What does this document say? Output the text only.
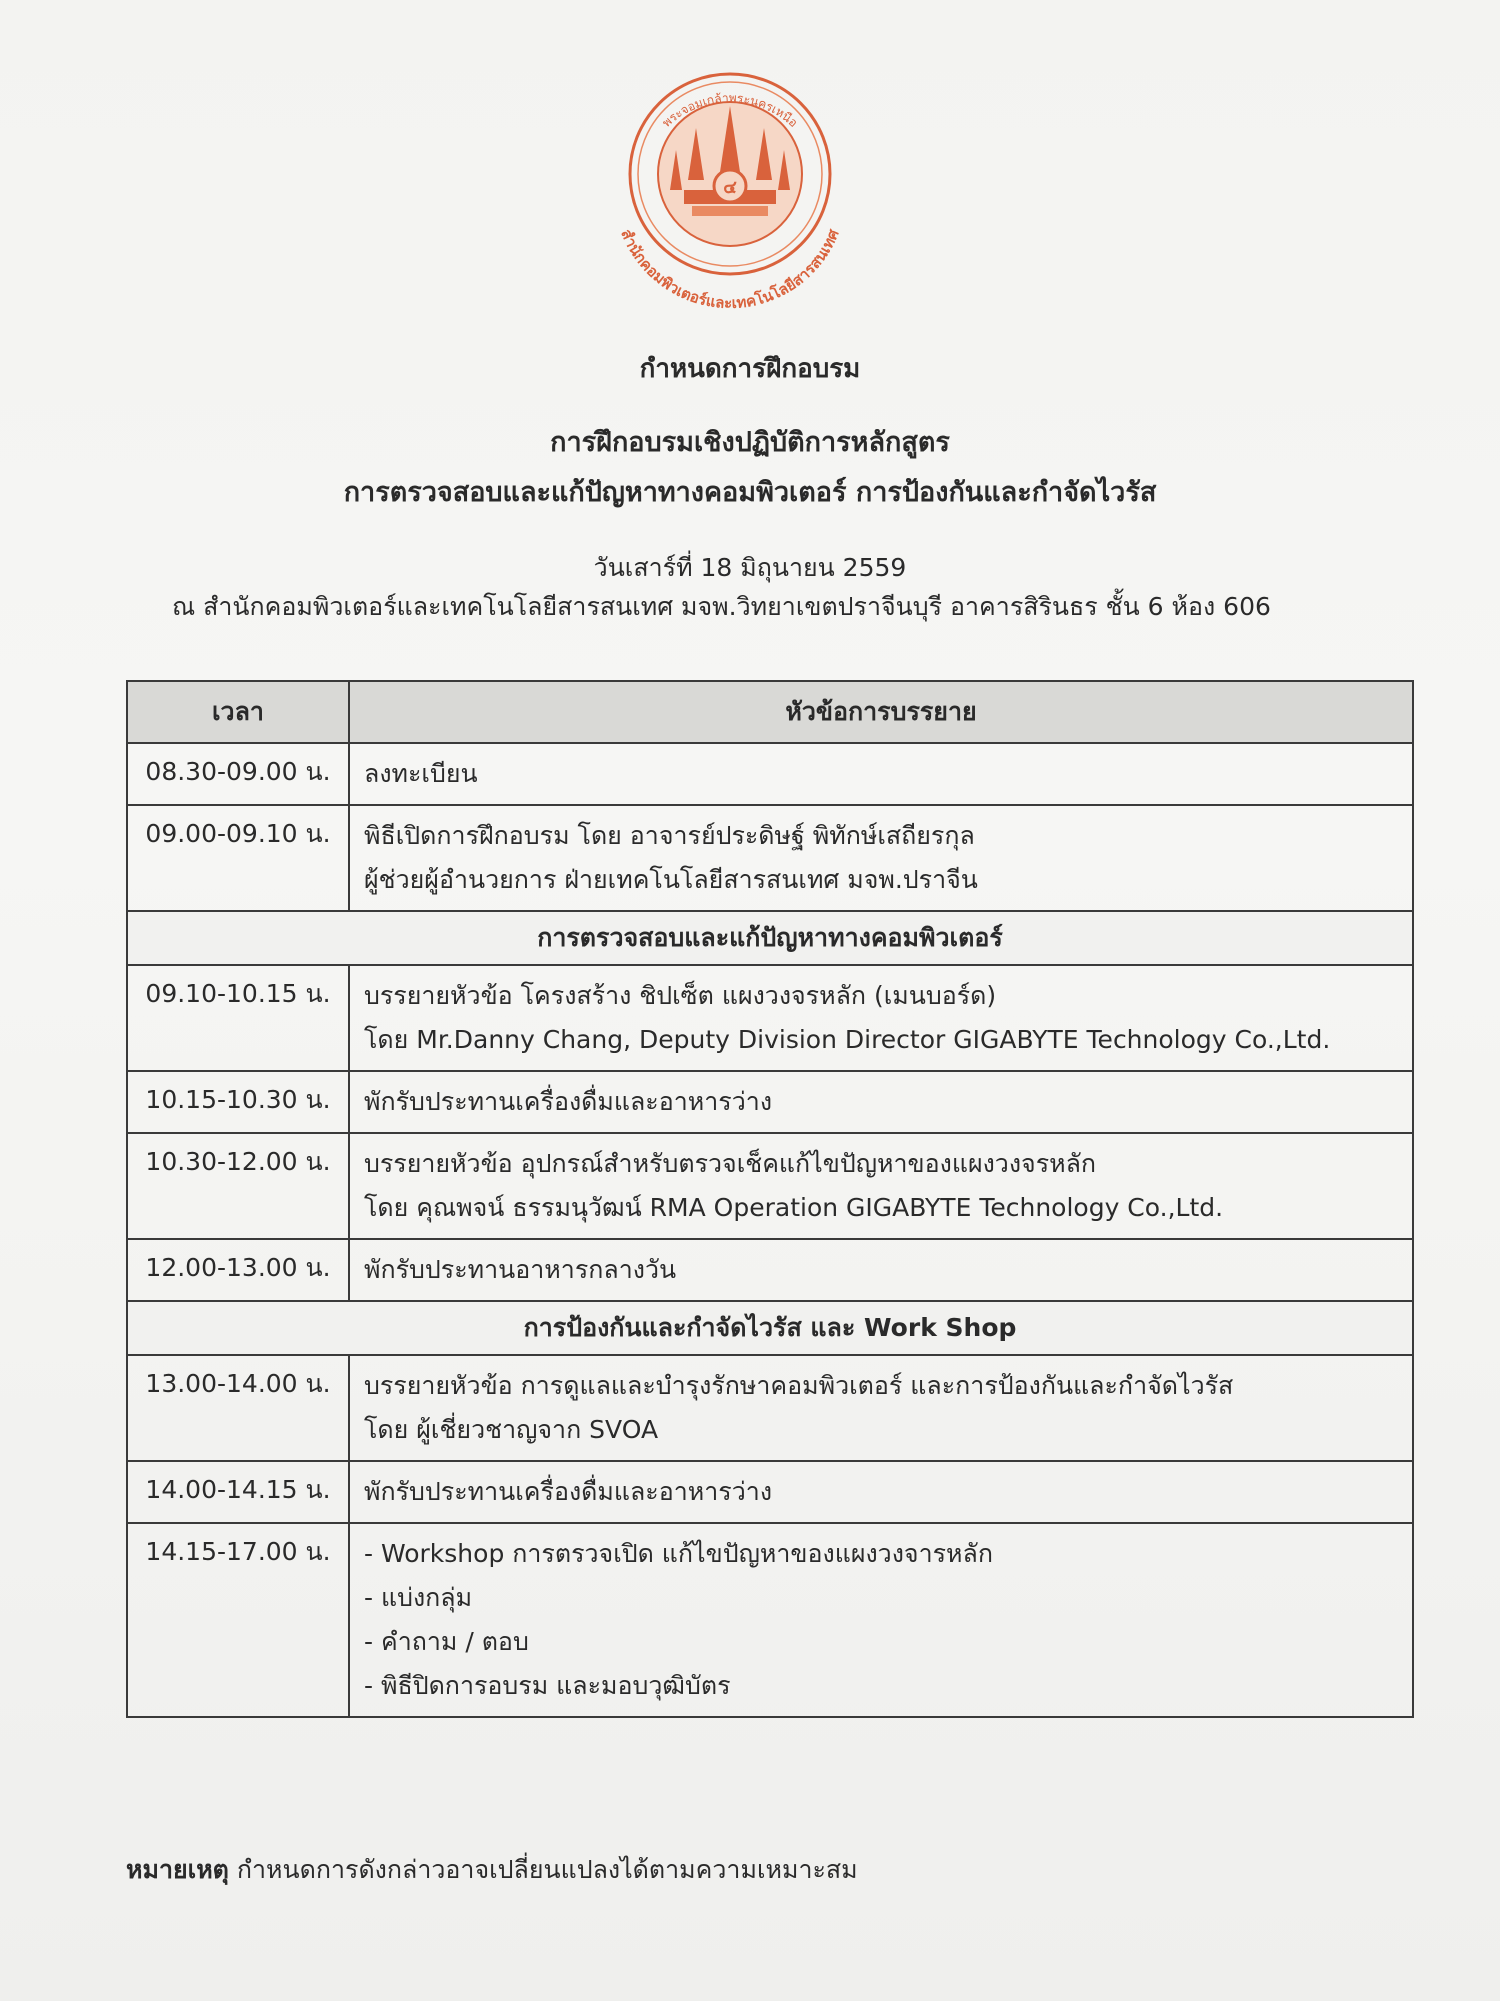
๔
สำนักคอมพิวเตอร์และเทคโนโลยีสารสนเทศ
พระจอมเกล้าพระนครเหนือ
กำหนดการฝึกอบรม
การฝึกอบรมเชิงปฏิบัติการหลักสูตร
การตรวจสอบและแก้ปัญหาทางคอมพิวเตอร์ การป้องกันและกำจัดไวรัส
วันเสาร์ที่ 18 มิถุนายน 2559
ณ สำนักคอมพิวเตอร์และเทคโนโลยีสารสนเทศ มจพ.วิทยาเขตปราจีนบุรี อาคารสิรินธร ชั้น 6 ห้อง 606
เวลา	หัวข้อการบรรยาย
08.30-09.00 น.	ลงทะเบียน

09.00-09.10 น.	พิธีเปิดการฝึกอบรม โดย อาจารย์ประดิษฐ์ พิทักษ์เสถียรกุล
ผู้ช่วยผู้อำนวยการ ฝ่ายเทคโนโลยีสารสนเทศ มจพ.ปราจีน

การตรวจสอบและแก้ปัญหาทางคอมพิวเตอร์	
09.10-10.15 น.	บรรยายหัวข้อ โครงสร้าง ชิปเซ็ต แผงวงจรหลัก (เมนบอร์ด)
โดย Mr.Danny Chang, Deputy Division Director GIGABYTE Technology Co.,Ltd.

10.15-10.30 น.	พักรับประทานเครื่องดื่มและอาหารว่าง

10.30-12.00 น.	บรรยายหัวข้อ อุปกรณ์สำหรับตรวจเช็คแก้ไขปัญหาของแผงวงจรหลัก
โดย คุณพจน์ ธรรมนุวัฒน์ RMA Operation GIGABYTE Technology Co.,Ltd.

12.00-13.00 น.	พักรับประทานอาหารกลางวัน

การป้องกันและกำจัดไวรัส และ Work Shop	
13.00-14.00 น.	บรรยายหัวข้อ การดูแลและบำรุงรักษาคอมพิวเตอร์ และการป้องกันและกำจัดไวรัส
โดย ผู้เชี่ยวชาญจาก SVOA

14.00-14.15 น.	พักรับประทานเครื่องดื่มและอาหารว่าง

14.15-17.00 น.	- Workshop การตรวจเปิด แก้ไขปัญหาของแผงวงจารหลัก
- แบ่งกลุ่ม
- คำถาม / ตอบ
- พิธีปิดการอบรม และมอบวุฒิบัตร
หมายเหตุ กำหนดการดังกล่าวอาจเปลี่ยนแปลงได้ตามความเหมาะสม
